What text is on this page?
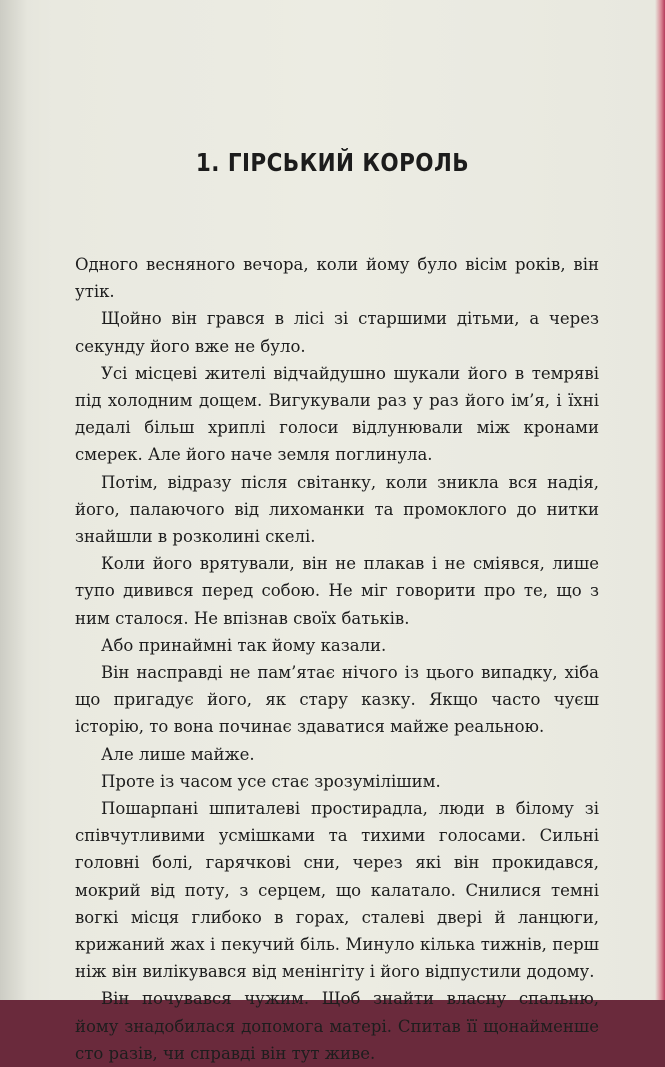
1. ГІРСЬКИЙ КОРОЛЬ

Одного весняного вечора, коли йому було вісім років, він утік.

Щойно він грався в лісі зі старшими дітьми, а через секунду його вже не було.

Усі місцеві жителі відчайдушно шукали його в темряві під холодним дощем. Вигукували раз у раз його ім’я, і їхні дедалі більш хриплі голоси відлунювали між кронами смерек. Але його наче земля поглинула.

Потім, відразу після світанку, коли зникла вся надія, його, палаючого від лихоманки та промоклого до нитки знайшли в розколині скелі.

Коли його врятували, він не плакав і не сміявся, лише тупо дивився перед собою. Не міг говорити про те, що з ним сталося. Не впізнав своїх батьків.

Або принаймні так йому казали.

Він насправді не пам’ятає нічого із цього випадку, хіба що пригадує його, як стару казку. Якщо часто чуєш історію, то вона починає здаватися майже реальною.

Але лише майже.

Проте із часом усе стає зрозумілішим.

Пошарпані шпиталеві простирадла, люди в білому зі співчутливими усмішками та тихими голосами. Сильні головні болі, гарячкові сни, через які він прокидався, мокрий від поту, з серцем, що калатало. Снилися темні вогкі місця глибоко в горах, сталеві двері й ланцюги, крижаний жах і пекучий біль. Минуло кілька тижнів, перш ніж він вилікувався від менінгіту і його відпустили додому.

Він почувався чужим. Щоб знайти власну спальню, йому знадобилася допомога матері. Спитав її щонайменше сто разів, чи справді він тут живе.
